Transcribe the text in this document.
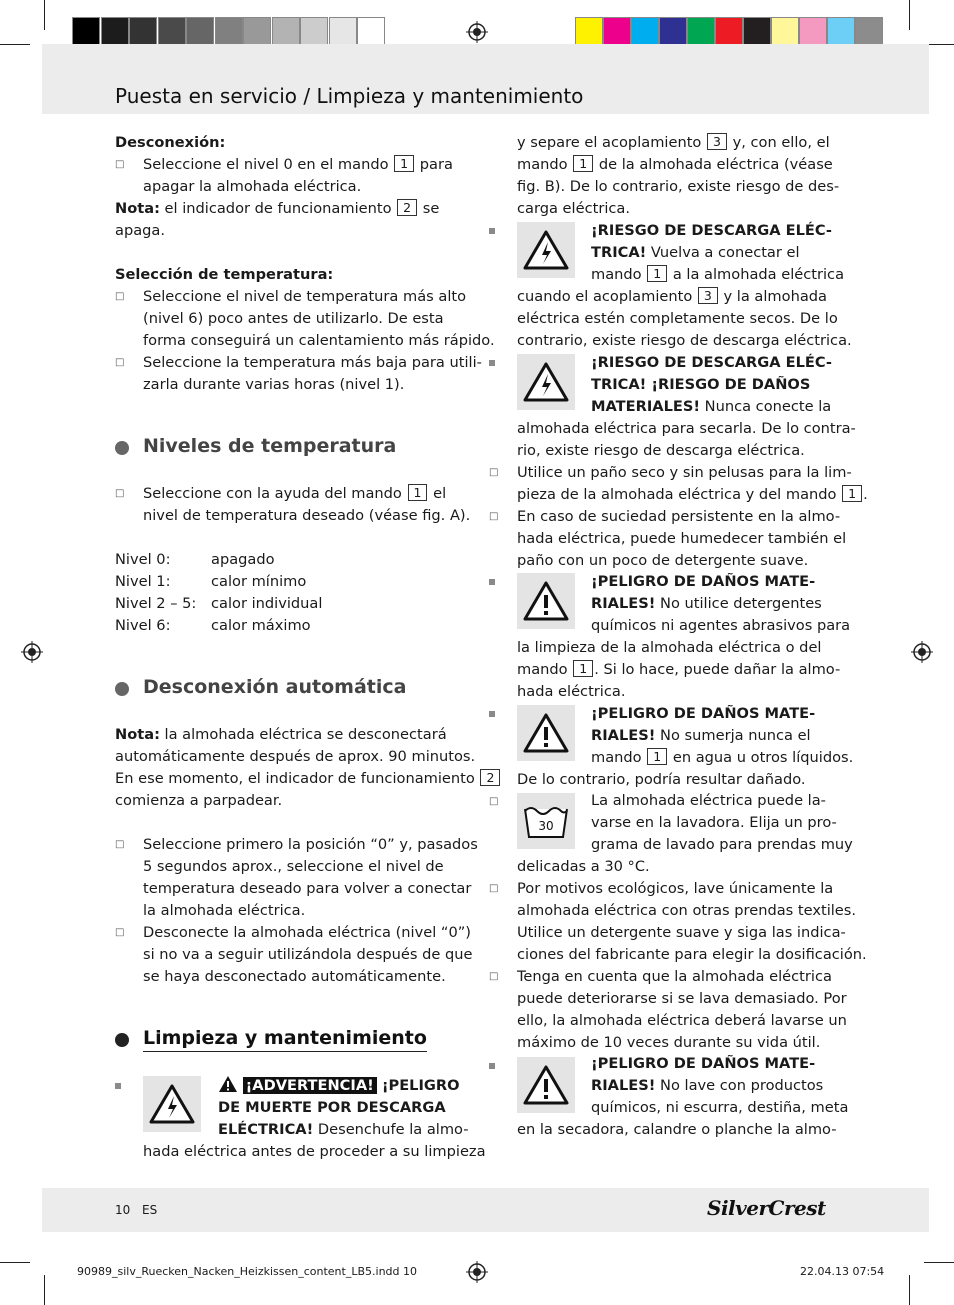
Puesta en servicio / Limpieza y mantenimiento
Desconexión:
□ Seleccione el nivel 0 en el mando 1 para
apagar la almohada eléctrica.
Nota: el indicador de funcionamiento 2 se
apaga.
Selección de temperatura:
□ Seleccione el nivel de temperatura más alto
(nivel 6) poco antes de utilizarlo. De esta
forma conseguirá un calentamiento más rápido.
□ Seleccione la temperatura más baja para utili-
zarla durante varias horas (nivel 1).
Niveles de temperatura
□ Seleccione con la ayuda del mando 1 el
nivel de temperatura deseado (véase fig. A).
Nivel 0:	apagado
Nivel 1:	calor mínimo
Nivel 2 – 5: calor individual
Nivel 6:	calor máximo
Desconexión automática
Nota: la almohada eléctrica se desconectará
automáticamente después de aprox. 90 minutos.
En ese momento, el indicador de funcionamiento 2
comienza a parpadear.
□ Seleccione primero la posición “0” y, pasados
5 segundos aprox., seleccione el nivel de
temperatura deseado para volver a conectar
la almohada eléctrica.
□ Desconecte la almohada eléctrica (nivel “0”)
si no va a seguir utilizándola después de que
se haya desconectado automáticamente.
Limpieza y mantenimiento
¡ADVERTENCIA! ¡PELIGRO
DE MUERTE POR DESCARGA
ELÉCTRICA! Desenchufe la almo-
hada eléctrica antes de proceder a su limpieza
y separe el acoplamiento 3 y, con ello, el
mando 1 de la almohada eléctrica (véase
fig. B). De lo contrario, existe riesgo de des-
carga eléctrica.
¡RIESGO DE DESCARGA ELÉC-
TRICA! Vuelva a conectar el
mando 1 a la almohada eléctrica
cuando el acoplamiento 3 y la almohada
eléctrica estén completamente secos. De lo
contrario, existe riesgo de descarga eléctrica.
¡RIESGO DE DESCARGA ELÉC-
TRICA! ¡RIESGO DE DAÑOS
MATERIALES! Nunca conecte la
almohada eléctrica para secarla. De lo contra-
rio, existe riesgo de descarga eléctrica.
□ Utilice un paño seco y sin pelusas para la lim-
pieza de la almohada eléctrica y del mando 1 .
□ En caso de suciedad persistente en la almo-
hada eléctrica, puede humedecer también el
paño con un poco de detergente suave.
¡PELIGRO DE DAÑOS MATE-
RIALES! No utilice detergentes
químicos ni agentes abrasivos para
la limpieza de la almohada eléctrica o del
mando 1 . Si lo hace, puede dañar la almo-
hada eléctrica.
¡PELIGRO DE DAÑOS MATE-
RIALES! No sumerja nunca el
mando 1 en agua u otros líquidos.
De lo contrario, podría resultar dañado.
□
30
La almohada eléctrica puede la-
varse en la lavadora. Elija un pro-
grama de lavado para prendas muy
delicadas a 30 °C.
□ Por motivos ecológicos, lave únicamente la
almohada eléctrica con otras prendas textiles.
Utilice un detergente suave y siga las indica-
ciones del fabricante para elegir la dosificación.
□ Tenga en cuenta que la almohada eléctrica
puede deteriorarse si se lava demasiado. Por
ello, la almohada eléctrica deberá lavarse un
máximo de 10 veces durante su vida útil.
¡PELIGRO DE DAÑOS MATE-
RIALES! No lave con productos
químicos, ni escurra, destiña, meta
en la secadora, calandre o planche la almo-
10 ES	SilverCrest
90989_silv_Ruecken_Nacken_Heizkissen_content_LB5.indd 10	22.04.13 07:54
